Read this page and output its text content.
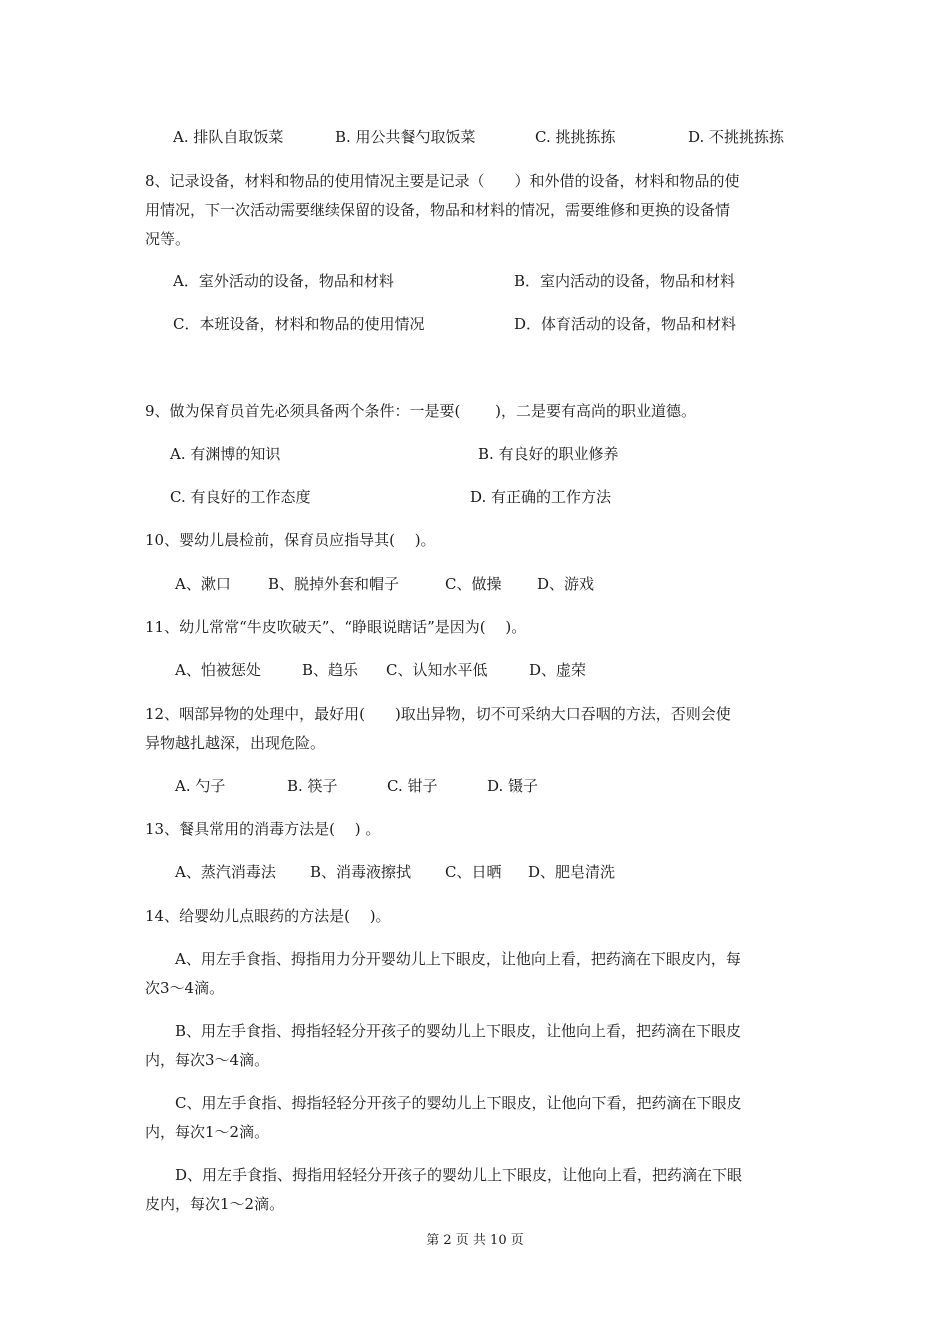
A. 排队自取饭菜	B. 用公共餐勺取饭菜	C. 挑挑拣拣	D. 不挑挑拣拣
8、记录设备，材料和物品的使用情况主要是记录（　　）和外借的设备，材料和物品的使
用情况，下一次活动需要继续保留的设备，物品和材料的情况，需要维修和更换的设备情
况等。
A．室外活动的设备，物品和材料	B．室内活动的设备，物品和材料
C．本班设备，材料和物品的使用情况	D．体育活动的设备，物品和材料
9、做为保育员首先必须具备两个条件：一是要(　　 )，二是要有高尚的职业道德。
A. 有渊博的知识	B. 有良好的职业修养
C. 有良好的工作态度	D. 有正确的工作方法
10、婴幼儿晨检前，保育员应指导其(　 )。
A、漱口 B、脱掉外套和帽子	C、做操 D、游戏
11、幼儿常常“牛皮吹破天”、“睁眼说瞎话”是因为(　 )。
A、怕被惩处	B、趋乐 C、认知水平低	D、虚荣
12、咽部异物的处理中，最好用(　　)取出异物，切不可采纳大口吞咽的方法，否则会使
异物越扎越深，出现危险。
A. 勺子	B. 筷子	C. 钳子	D. 镊子
13、餐具常用的消毒方法是(　 ) 。
A、蒸汽消毒法 B、消毒液擦拭 C、日晒 D、肥皂清洗
14、给婴幼儿点眼药的方法是(　 )。
A、用左手食指、拇指用力分开婴幼儿上下眼皮，让他向上看，把药滴在下眼皮内，每
次3～4滴。
B、用左手食指、拇指轻轻分开孩子的婴幼儿上下眼皮，让他向上看，把药滴在下眼皮
内，每次3～4滴。
C、用左手食指、拇指轻轻分开孩子的婴幼儿上下眼皮，让他向下看，把药滴在下眼皮
内，每次1～2滴。
D、用左手食指、拇指用轻轻分开孩子的婴幼儿上下眼皮，让他向上看，把药滴在下眼
皮内，每次1～2滴。
第 2 页 共 10 页
